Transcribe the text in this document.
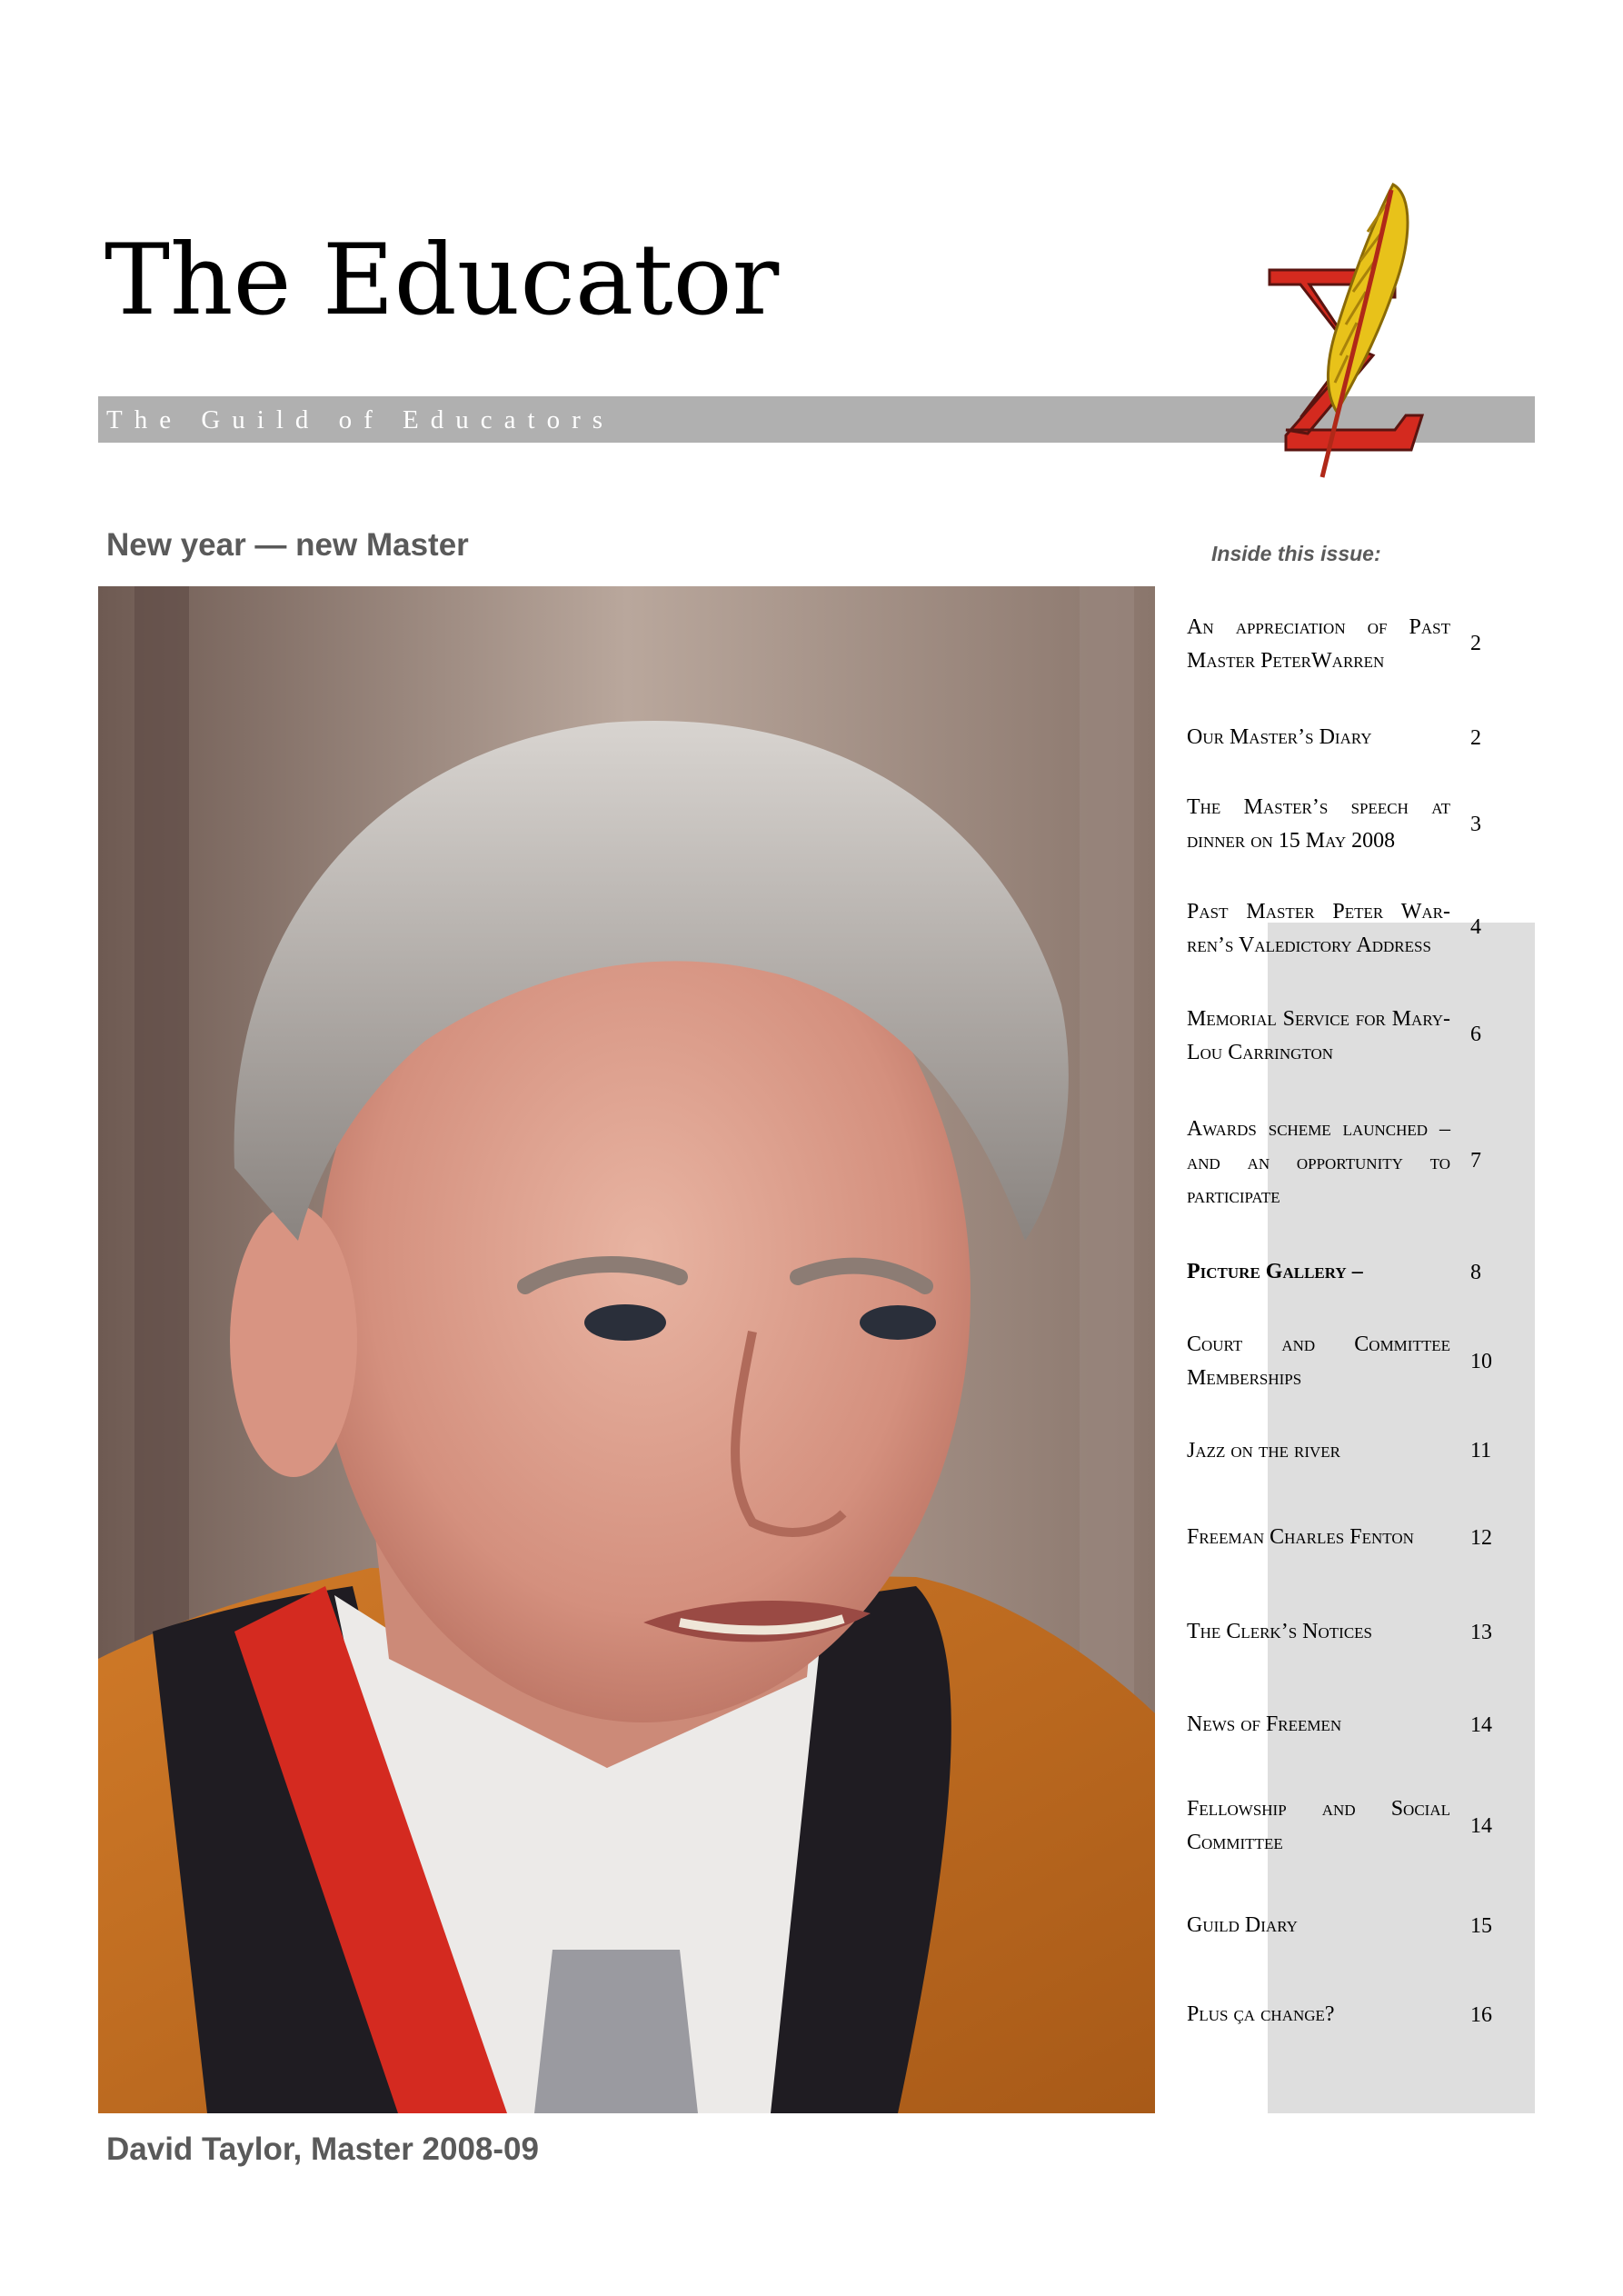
The Educator
The Guild of Educators
New year — new Master
David Taylor, Master 2008-09
Inside this issue:
An appreciation of Past Master PeterWarren
2
Our Master’s Diary	2
The Master’s speech at dinner on 15 May 2008
3
Past Master Peter War-ren’s Valedictory Address
4
Memorial Service for Mary-Lou Carrington
6
Awards scheme launched – and an opportunity to participate
7
Picture Gallery –	8
Court and Committee Memberships
10
Jazz on the river	11
Freeman Charles Fenton	12
The Clerk’s Notices	13
News of Freemen	14
Fellowship and Social Committee
14
Guild Diary	15
Plus ça change?	16
